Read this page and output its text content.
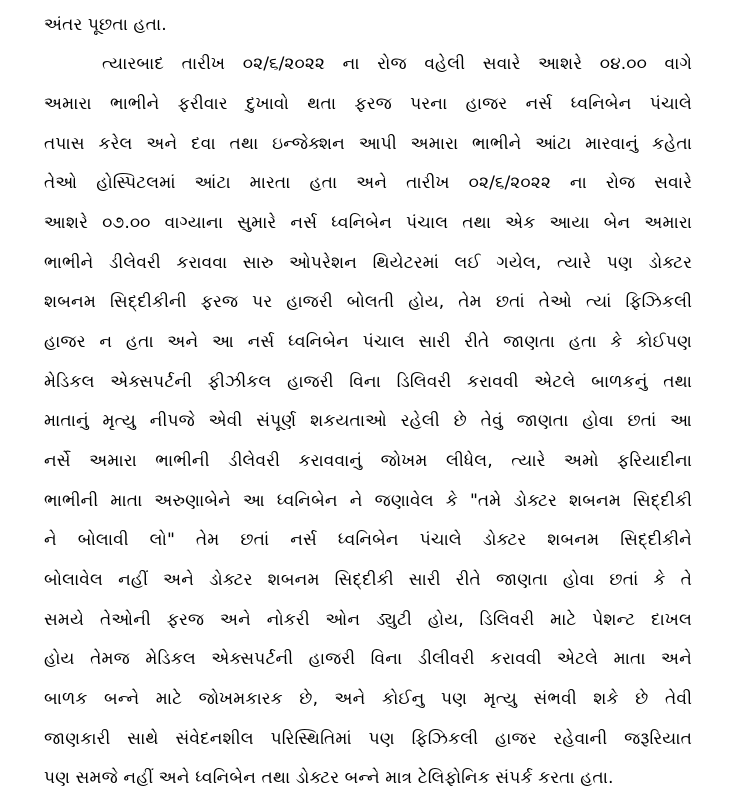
અંતર પૂછતા હતા.
ત્યારબાદ તારીખ ૦૨/૬/૨૦૨૨ ના રોજ વહેલી સવારે આશરે ૦૪.૦૦ વાગે
અમારા ભાભીને ફરીવાર દુખાવો થતા ફરજ પરના હાજર નર્સ ધ્વનિબેન પંચાલે
તપાસ કરેલ અને દવા તથા ઇન્જેક્શન આપી અમારા ભાભીને આંટા મારવાનું કહેતા
તેઓ હોસ્પિટલમાં આંટા મારતા હતા અને તારીખ ૦૨/૬/૨૦૨૨ ના રોજ સવારે
આશરે ૦૭.૦૦ વાગ્યાના સુમારે નર્સ ધ્વનિબેન પંચાલ તથા એક આયા બેન અમારા
ભાભીને ડીલેવરી કરાવવા સારુ ઓપરેશન થિયેટરમાં લઈ ગયેલ, ત્યારે પણ ડોક્ટર
શબનમ સિદ્દીકીની ફરજ પર હાજરી બોલતી હોય, તેમ છતાં તેઓ ત્યાં ફિઝિકલી
હાજર ન હતા અને આ નર્સ ધ્વનિબેન પંચાલ સારી રીતે જાણતા હતા કે કોઈપણ
મેડિકલ એક્સપર્ટની ફીઝીકલ હાજરી વિના ડિલિવરી કરાવવી એટલે બાળકનું તથા
માતાનું મૃત્યુ નીપજે એવી સંપૂર્ણ શકયતાઓ રહેલી છે તેવું જાણતા હોવા છતાં આ
નર્સે અમારા ભાભીની ડીલેવરી કરાવવાનું જોખમ લીધેલ, ત્યારે અમો ફરિયાદીના
ભાભીની માતા અરુણાબેને આ ધ્વનિબેન ને જણાવેલ કે "તમે ડોક્ટર શબનમ સિદ્દીકી
ને બોલાવી લો" તેમ છતાં નર્સ ધ્વનિબેન પંચાલે ડોક્ટર શબનમ સિદ્દીકીને
બોલાવેલ નહીં અને ડોક્ટર શબનમ સિદ્દીકી સારી રીતે જાણતા હોવા છતાં કે તે
સમયે તેઓની ફરજ અને નોકરી ઓન ડ્યુટી હોય, ડિલિવરી માટે પેશન્ટ દાખલ
હોય તેમજ મેડિકલ એક્સપર્ટની હાજરી વિના ડીલીવરી કરાવવી એટલે માતા અને
બાળક બન્ને માટે જોખમકારક છે, અને કોઈનુ પણ મૃત્યુ સંભવી શકે છે તેવી
જાણકારી સાથે સંવેદનશીલ પરિસ્થિતિમાં પણ ફિઝિકલી હાજર રહેવાની જરૂરિયાત
પણ સમજે નહીં અને ધ્વનિબેન તથા ડોક્ટર બન્ને માત્ર ટેલિફોનિક સંપર્ક કરતા હતા.
